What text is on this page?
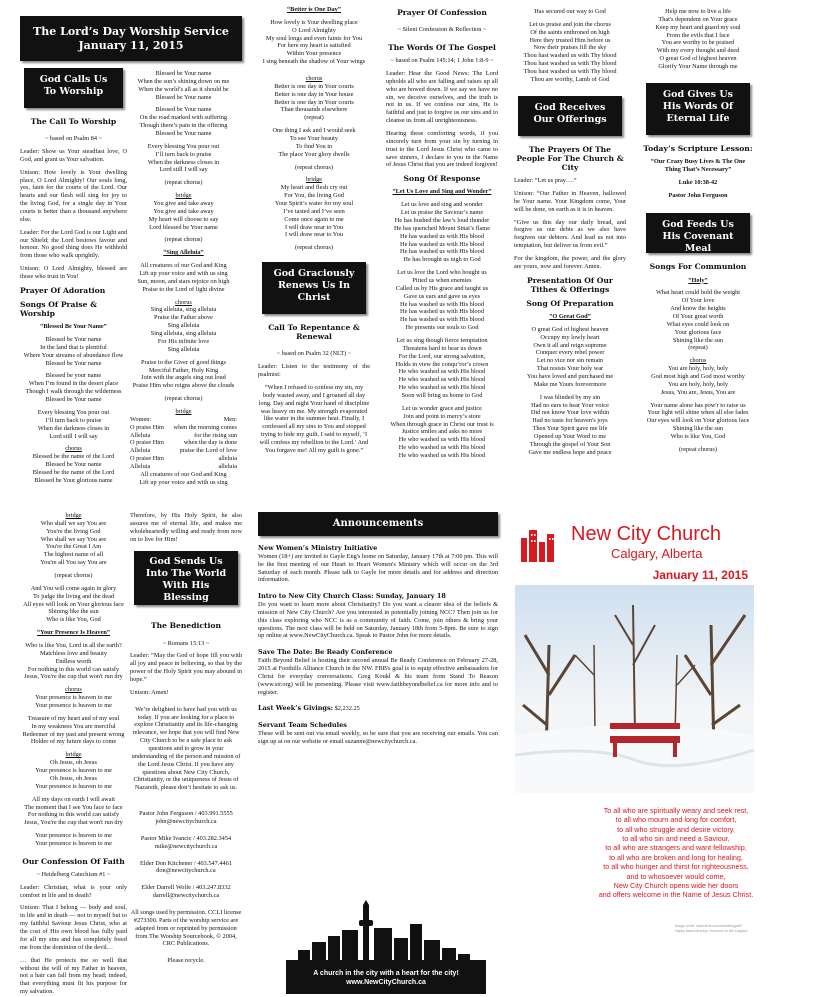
The Lord’s Day Worship Service
January 11, 2015
God Calls Us To Worship
The Call To Worship
~ based on Psalm 84 ~
Leader: Show us Your steadfast love, O God, and grant us Your salvation.
Unison: How lovely is Your dwelling place, O Lord Almighty! Our souls long, yes, faint for the courts of the Lord. Our hearts and our flesh will sing for joy to the living God, for a single day in Your courts is better than a thousand anywhere else.
Leader: For the Lord God is our Light and our Shield; the Lord bestows favour and honour. No good thing does He withhold from those who walk uprightly.
Unison: O Lord Almighty, blessed are those who trust in You!
Prayer Of Adoration
Songs Of Praise & Worship
“Blessed Be Your Name”
Blessed be Your name
In the land that is plentiful
Where Your streams of abundance flow
Blessed be Your name
Blessed be your name
When I’m found in the desert place
Though I walk through the wilderness
Blessed be Your name
Every blessing You pour out
I’ll turn back to praise
When the darkness closes in
Lord still I will say
chorus
Blessed be the name of the Lord
Blessed be Your name
Blessed be the name of the Lord
Blessed be Your glorious name
Blessed be Your name
When the sun’s shining down on me
When the world’s all as it should be
Blessed be Your name
Blessed be Your name
On the road marked with suffering
Though there’s pain in the offering
Blessed be Your name
Every blessing You pour out
I’ll turn back to praise
When the darkness closes in
Lord still I will say
(repeat chorus)
bridge
You give and take away
You give and take away
My heart will choose to say
Lord blessed be Your name
(repeat chorus)
“Sing Alleluia”
All creatures of our God and King
Lift up your voice and with us sing
Sun, moon, and stars rejoice on high
Praise to the Lord of light divine
chorus
Sing alleluia, sing alleluia
Praise the Father above
Sing alleluia
Sing alleluia, sing alleluia
For His infinite love
Sing alleluia
Praise to the Giver of good things
Merciful Father, Holy King
Join with the angels sing out loud
Praise Him who reigns above the clouds
(repeat chorus)
bridge
Women:
O praise Him
Alleluia
O praise Him
Alleluia
O praise Him
Alleluia
Men:
when the morning comes
for the rising sun
when the day is done
praise the Lord of love
alleluia
alleluia
All creatures of our God and King
Lift up your voice and with us sing
“Better is One Day”
How lovely is Your dwelling place
O Lord Almighty
My soul longs and even faints for You
For here my heart is satisfied
Within Your presence
I sing beneath the shadow of Your wings
chorus
Better is one day in Your courts
Better is one day in Your house
Better is one day in Your courts
Than thousands elsewhere
(repeat)
One thing I ask and I would seek
To see Your beauty
To find You in
The place Your glory dwells
(repeat chorus)
bridge
My heart and flesh cry out
For You, the living God
Your Spirit’s water for my soul
I’ve tasted and I’ve seen
Come once again to me
I will draw near to You
I will draw near to You
(repeat chorus)
God Graciously Renews Us In Christ
Call To Repentance & Renewal
~ based on Psalm 32 (NLT) ~
Leader: Listen to the testimony of the psalmist:
“When I refused to confess my sin, my body wasted away, and I groaned all day long. Day and night Your hand of discipline was heavy on me. My strength evaporated like water in the summer heat. Finally, I confessed all my sins to You and stopped trying to hide my guilt. I said to myself, ‘I will confess my rebellion to the Lord.’ And You forgave me! All my guilt is gone.”
Prayer Of Confession
~ Silent Confession & Reflection ~
The Words Of The Gospel
~ based on Psalm 145:14; 1 John 1:8-9 ~
Leader: Hear the Good News: The Lord upholds all who are falling and raises up all who are bowed down. If we say we have no sin, we deceive ourselves, and the truth is not in us. If we confess our sins, He is faithful and just to forgive us our sins and to cleanse us from all unrighteousness.
Hearing these comforting words, if you sincerely turn from your sin by turning in trust to the Lord Jesus Christ who came to save sinners, I declare to you in the Name of Jesus Christ that you are indeed forgiven!
Song Of Response
“Let Us Love and Sing and Wonder”
Let us love and sing and wonder
Let us praise the Saviour’s name
He has hushed the law’s loud thunder
He has quenched Mount Sinai’s flame
He has washed us with His blood
He has washed us with His blood
He has washed us with His blood
He has brought us nigh to God
Let us love the Lord who bought us
Pitied us when enemies
Called us by His grace and taught us
Gave us ears and gave us eyes
He has washed us with His blood
He has washed us with His blood
He has washed us with His blood
He presents our souls to God
Let us sing though fierce temptation
Threatens hard to bear us down
For the Lord, our strong salvation,
Holds in view the conqu’ror’s crown
He who washed us with His blood
He who washed us with His blood
He who washed us with His blood
Soon will bring us home to God
Let us wonder grace and justice
Join and point to mercy’s store
When through grace in Christ our trust is
Justice smiles and asks no more
He who washed us with His blood
He who washed us with His blood
He who washed us with His blood
Has secured our way to God
Let us praise and join the chorus
Of the saints enthroned on high
Here they trusted Him before us
Now their praises fill the sky
Thou hast washed us with Thy blood
Thou hast washed us with Thy blood
Thou hast washed us with Thy blood
Thou are worthy, Lamb of God
God Receives Our Offerings
The Prayers Of The People For The Church & City
Leader: “Let us pray….”
Unison: “Our Father in Heaven, hallowed be Your name. Your Kingdom come, Your will be done, on earth as it is in heaven.
“Give us this day our daily bread, and forgive us our debts as we also have forgiven our debtors. And lead us not into temptation, but deliver us from evil.”
For the kingdom, the power, and the glory are yours, now and forever. Amen.
Presentation Of Our Tithes & Offerings
Song Of Preparation
“O Great God”
O great God of highest heaven
Occupy my lowly heart
Own it all and reign supreme
Conquer every rebel power
Let no vice nor sin remain
That resists Your holy war
You have loved and purchased me
Make me Yours forevermore
I was blinded by my sin
Had no ears to hear Your voice
Did not know Your love within
Had no taste for heaven's joys
Then Your Spirit gave me life
Opened up Your Word to me
Through the gospel of Your Son
Gave me endless hope and peace
Help me now to live a life
That's dependent on Your grace
Keep my heart and guard my soul
From the evils that I face
You are worthy to be praised
With my every thought and deed
O great God of highest heaven
Glorify Your Name through me
God Gives Us His Words Of Eternal Life
Today’s Scripture Lesson:
“Our Crazy Busy Lives & The One Thing That’s Necessary”
Luke 10:38-42
Pastor John Ferguson
God Feeds Us His Covenant Meal
Songs For Communion
“Holy”
What heart could hold the weight
Of Your love
And know the heights
Of Your great worth
What eyes could look on
Your glorious face
Shining like the sun
(repeat)
chorus
You are holy, holy, holy
God most high and God most worthy
You are holy, holy, holy
Jesus, You are, Jesus, You are
Your name alone has pow'r to raise us
Your light will shine when all else fades
Our eyes will look on Your glorious face
Shining like the sun
Who is like You, God
(repeat chorus)
bridge
Who shall we say You are
You're the living God
Who shall we say You are
You're the Great I Am
The highest name of all
You're all You say You are
(repeat chorus)
And You will come again in glory
To judge the living and the dead
All eyes will look on Your glorious face
Shining like the sun
Who is like You, God
“Your Presence Is Heaven”
Who is like You, Lord in all the earth?
Matchless love and beauty
Endless worth
For nothing in this world can satisfy
Jesus, You're the cup that won't run dry
chorus
Your presence is heaven to me
Your presence is heaven to me
Treasure of my heart and of my soul
In my weakness You are merciful
Redeemer of my past and present wrong
Holder of my future days to come
bridge
Oh Jesus, oh Jesus
Your presence is heaven to me
Oh Jesus, oh Jesus
Your presence is heaven to me
All my days on earth I will await
The moment that I see You face to face
For nothing in this world can satisfy
Jesus, You're the cup that won't run dry
Your presence is heaven to me
Your presence is heaven to me
Our Confession Of Faith
~ Heidelberg Catechism #1 ~
Leader: Christian, what is your only comfort in life and in death?
Unison: That I belong — body and soul, in life and in death — not to myself but to my faithful Saviour Jesus Christ, who at the cost of His own blood has fully paid for all my sins and has completely freed me from the dominion of the devil…
… that He protects me so well that without the will of my Father in heaven, not a hair can fall from my head; indeed, that everything must fit his purpose for my salvation.
Therefore, by His Holy Spirit, he also assures me of eternal life, and makes me wholeheartedly willing and ready from now on to live for Him!
God Sends Us Into The World With His Blessing
The Benediction
~ Romans 15:13 ~
Leader: “May the God of hope fill you with all joy and peace in believing, so that by the power of the Holy Spirit you may abound in hope.”
Unison: Amen!
We’re delighted to have had you with us today. If you are looking for a place to explore Christianity and its life-changing relevance, we hope that you will find New City Church to be a safe place to ask questions and to grow in your understanding of the person and mission of the Lord Jesus Christ. If you have any questions about New City Church, Christianity, or the uniqueness of Jesus of Nazareth, please don’t hesitate to ask us.
Pastor John Ferguson / 403.991.5555
john@newcitychurch.ca
Pastor Mike Ivancic / 403.282.3454
mike@newcitychurch.ca
Elder Don Kitchener / 403.547.4461
don@newcitychurch.ca
Elder Darrell Wolfe / 403.247.8332
darrell@newcitychurch.ca
All songs used by permission. CCLI license #273300. Parts of the worship service are adapted from or reprinted by permission from The Worship Sourcebook, © 2004, CRC Publications.
Please recycle.
Announcements
New Women’s Ministry Initiative
Women (18+) are invited to Gayle Eng's home on Saturday, January 17th at 7:00 pm. This will be the first meeting of our Heart to Heart Women's Ministry which will occur on the 3rd Saturday of each month. Please talk to Gayle for more details and for address and direction information.
Intro to New City Church Class: Sunday, January 18
Do you want to learn more about Christianity? Do you want a clearer idea of the beliefs & mission of New City Church? Are you interested in potentially joining NCC? Then join us for this class exploring who NCC is as a community of faith. Come, join others & bring your questions. The next class will be held on Saturday, January 18th from 5-8pm. Be sure to sign up online at www.NewCityChurch.ca. Speak to Pastor John for more details.
Save The Date: Be Ready Conference
Faith Beyond Belief is hosting their second annual Be Ready Conference on February 27-28, 2015 at Foothills Alliance Church in the NW. FBB's goal is to equip effective ambassadors for Christ for everyday conversations. Greg Koukl & his team from Stand To Reason (www.str.org) will be presenting. Please visit www.faithbeyondbelief.ca for more info and to register.
Last Week’s Givings: $2,232.25
Servant Team Schedules
These will be sent out via email weekly, so be sure that you are receiving our emails. You can sign up at on our website or email suzanne@newcitychurch.ca.
New City Church
Calgary, Alberta
January 11, 2015
To all who are spiritually weary and seek rest,
to all who mourn and long for comfort,
to all who struggle and desire victory,
to all who sin and need a Saviour,
to all who are strangers and want fellowship,
to all who are broken and long for healing,
to all who hunger and thirst for righteousness,
and to whosoever would come,
New City Church opens wide her doors
and offers welcome in the Name of Jesus Christ.
Image credit: www.flickr.com/taniabergpa87
Happy faces Monday, everyone to the Calgary!
A church in the city with a heart for the city!
www.NewCityChurch.ca
